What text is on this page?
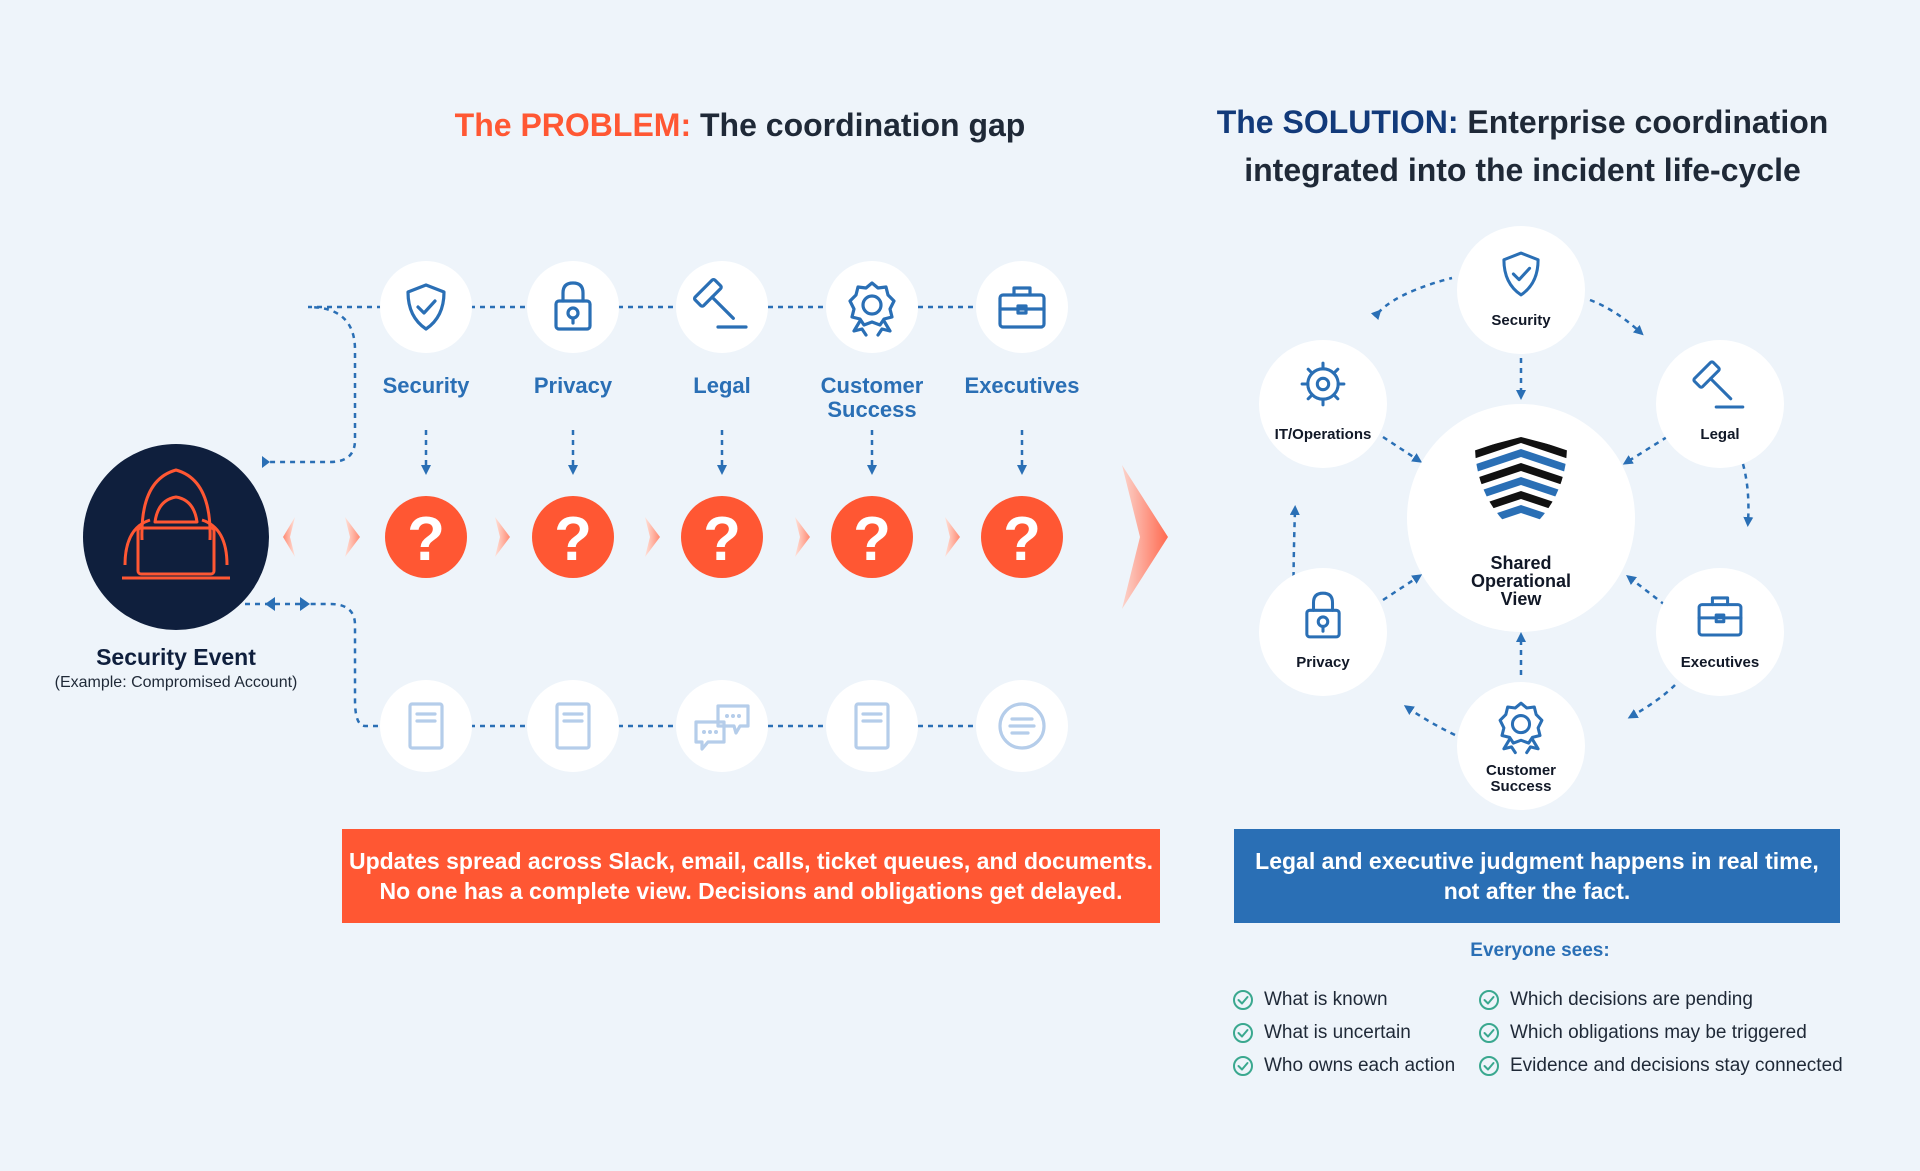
? ? ? ? ?
The PROBLEM: The coordination gap	The SOLUTION: Enterprise coordination
integrated into the incident life-cycle
Security Event
(Example: Compromised Account)
Updates spread across Slack, email, calls, ticket queues, and documents.
No one has a complete view. Decisions and obligations get delayed.
Legal and executive judgment happens in real time,
not after the fact.
Everyone sees:
What is known
What is uncertain
Who owns each action
Which decisions are pending
Which obligations may be triggered
Evidence and decisions stay connected
Security	Privacy	Legal	Customer Success
Executives
Shared
Operational
View
Security
Legal
Executives
Customer Success
Privacy
IT/Operations
